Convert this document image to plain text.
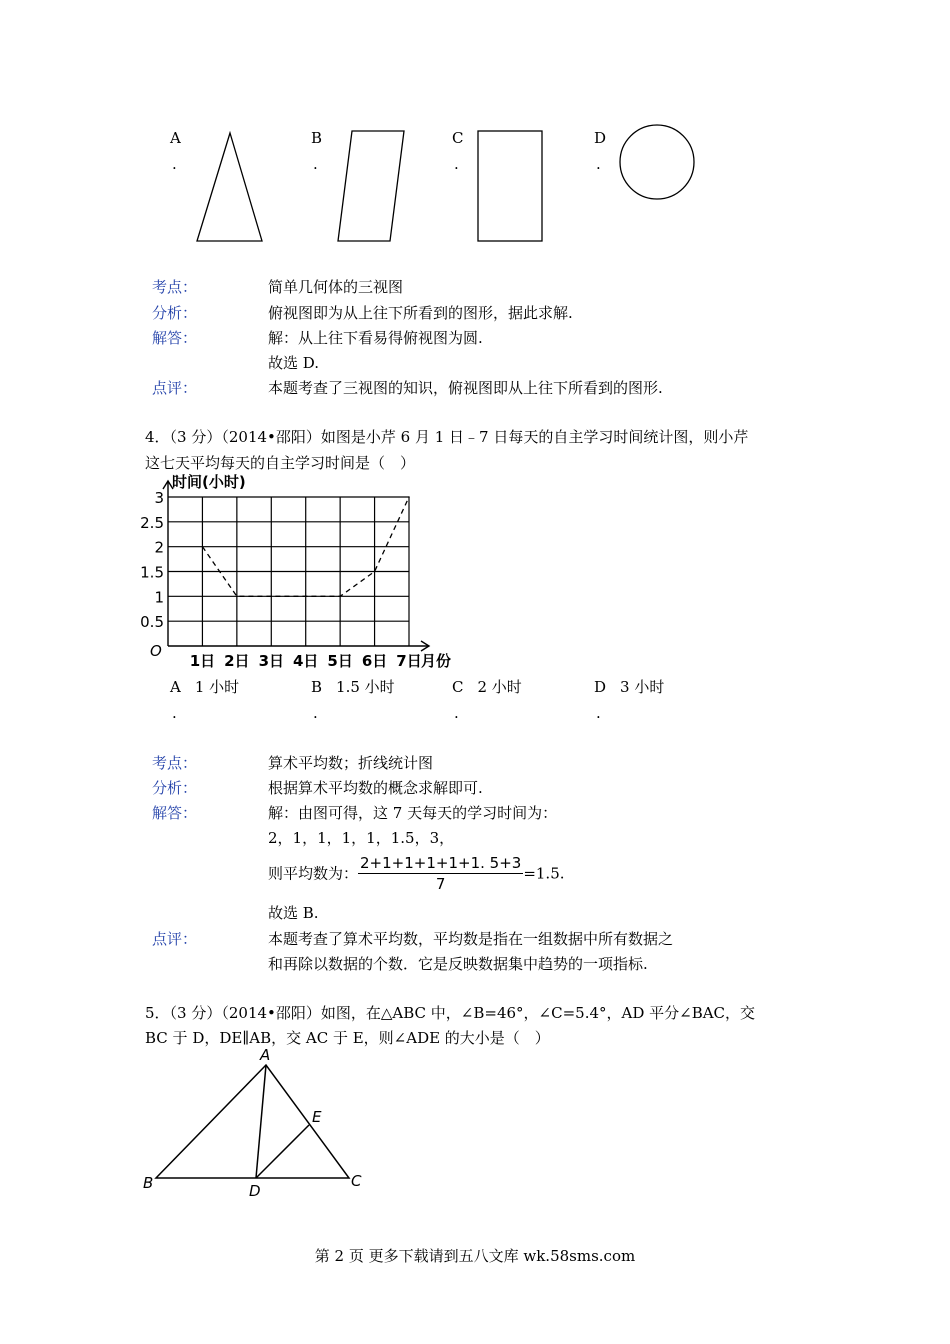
A
.
B
.
C
.
D
.
考点：	简单几何体的三视图
分析：	俯视图即为从上往下所看到的图形，据此求解.
解答：	解：从上往下看易得俯视图为圆.
故选 D.
点评：	本题考查了三视图的知识，俯视图即从上往下所看到的图形.
4．（3 分）（2014•邵阳）如图是小芹 6 月 1 日﹣7 日每天的自主学习时间统计图，则小芹
这七天平均每天的自主学习时间是（　）
0.5
1
1.5
2
2.5
3
O
时间(小时)
1日 2日 3日 4日 5日 6日 7日 月份
A 1 小时
.
B 1.5 小时
.
C 2 小时
.
D 3 小时
.
考点：	算术平均数；折线统计图
分析：	根据算术平均数的概念求解即可.
解答：	解：由图可得，这 7 天每天的学习时间为：
2，1，1，1，1，1.5，3，
则平均数为： $\frac{2+1+1+1+1+1. 5+3}{7} =1.5$.
故选 B.
点评：	本题考查了算术平均数，平均数是指在一组数据中所有数据之
和再除以数据的个数．它是反映数据集中趋势的一项指标.
5．（3 分）（2014•邵阳）如图，在△ABC 中，∠B=46°，∠C=5.4°，AD 平分∠BAC，交
BC 于 D，DE∥AB，交 AC 于 E，则∠ADE 的大小是（　）
A
B	C
D
E
第 2 页 更多下载请到五八文库 wk.58sms.com
